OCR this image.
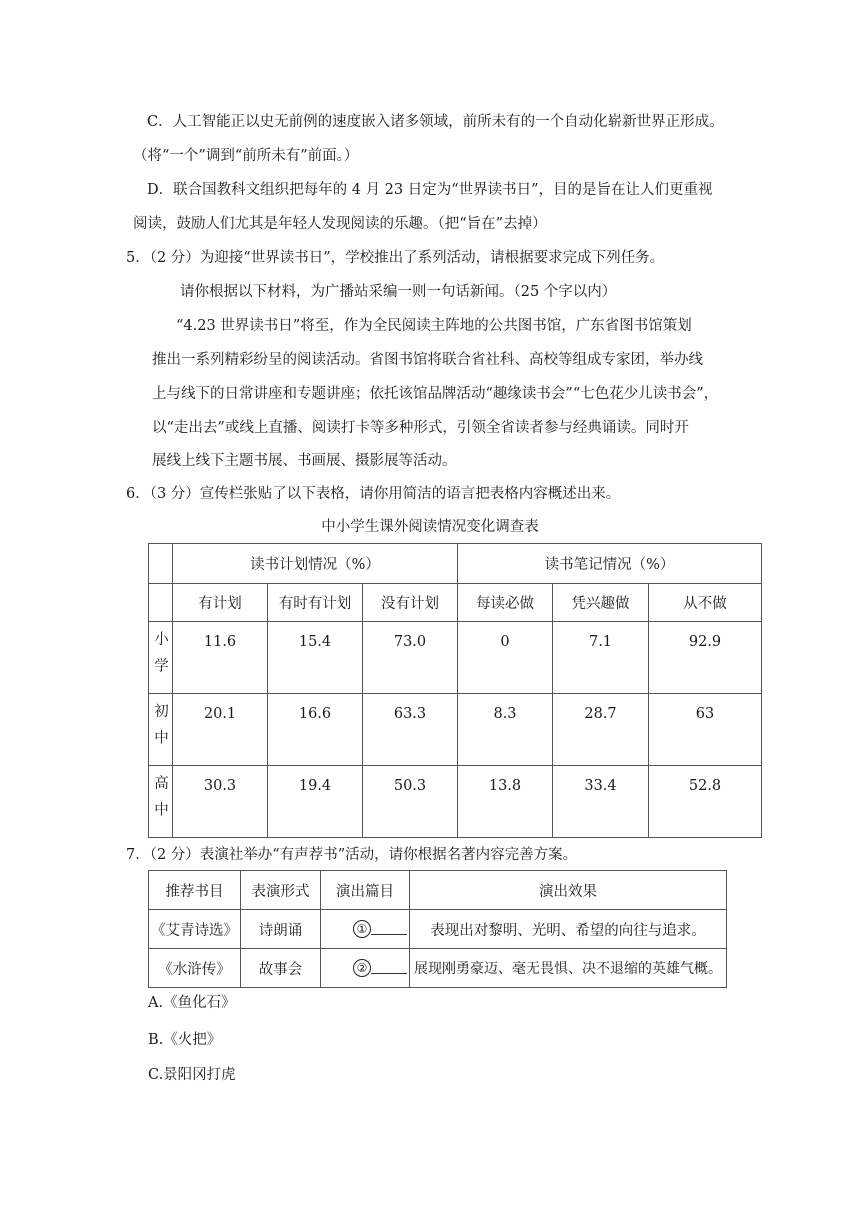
C．人工智能正以史无前例的速度嵌入诸多领域，前所未有的一个自动化崭新世界正形成。
（将“一个”调到“前所未有”前面。）
D．联合国教科文组织把每年的 4 月 23 日定为“世界读书日”，目的是旨在让人们更重视
阅读，鼓励人们尤其是年轻人发现阅读的乐趣。（把“旨在”去掉）
5．（2 分）为迎接“世界读书日”，学校推出了系列活动，请根据要求完成下列任务。
请你根据以下材料，为广播站采编一则一句话新闻。（25 个字以内）
“4.23 世界读书日”将至，作为全民阅读主阵地的公共图书馆，广东省图书馆策划
推出一系列精彩纷呈的阅读活动。省图书馆将联合省社科、高校等组成专家团，举办线
上与线下的日常讲座和专题讲座；依托该馆品牌活动“趣缘读书会”“七色花少儿读书会”，
以“走出去”或线上直播、阅读打卡等多种形式，引领全省读者参与经典诵读。同时开
展线上线下主题书展、书画展、摄影展等活动。
6．（3 分）宣传栏张贴了以下表格，请你用简洁的语言把表格内容概述出来。
中小学生课外阅读情况变化调查表
	读书计划情况（%）			读书笔记情况（%）		
	有计划	有时有计划	没有计划	每读必做	凭兴趣做	从不做
小学	11.6	15.4	73.0	0	7.1	92.9
初中	20.1	16.6	63.3	8.3	28.7	63
高中	30.3	19.4	50.3	13.8	33.4	52.8
7．（2 分）表演社举办“有声荐书”活动，请你根据名著内容完善方案。
推荐书目	表演形式	演出篇目	演出效果
《艾青诗选》	诗朗诵	①	表现出对黎明、光明、希望的向往与追求。
《水浒传》	故事会	②	展现刚勇豪迈、毫无畏惧、决不退缩的英雄气概。
A.《鱼化石》
B.《火把》
C.景阳冈打虎
